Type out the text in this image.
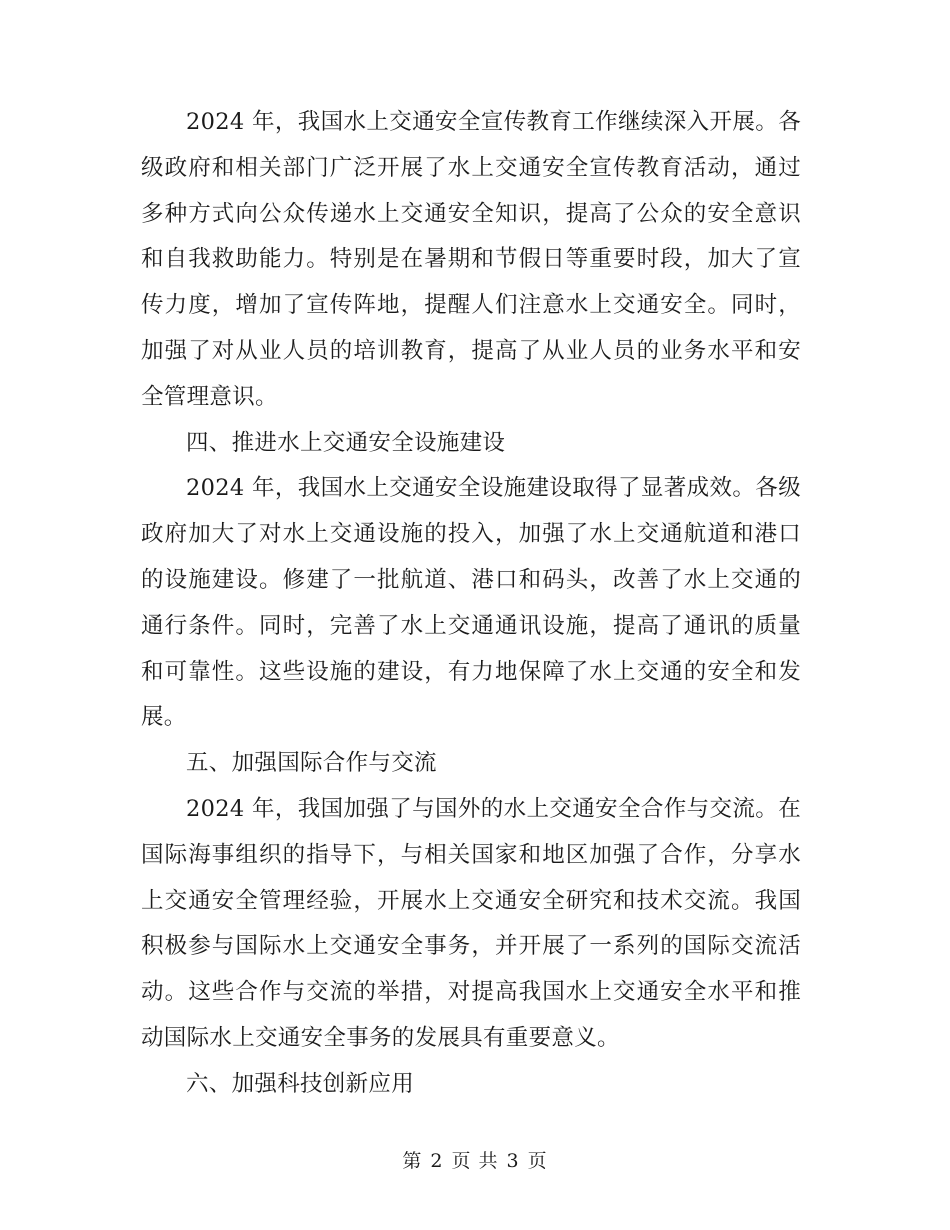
2024 年，我国水上交通安全宣传教育工作继续深入开展。各级政府和相关部门广泛开展了水上交通安全宣传教育活动，通过多种方式向公众传递水上交通安全知识，提高了公众的安全意识和自我救助能力。特别是在暑期和节假日等重要时段，加大了宣传力度，增加了宣传阵地，提醒人们注意水上交通安全。同时，加强了对从业人员的培训教育，提高了从业人员的业务水平和安全管理意识。

四、推进水上交通安全设施建设

2024 年，我国水上交通安全设施建设取得了显著成效。各级政府加大了对水上交通设施的投入，加强了水上交通航道和港口的设施建设。修建了一批航道、港口和码头，改善了水上交通的通行条件。同时，完善了水上交通通讯设施，提高了通讯的质量和可靠性。这些设施的建设，有力地保障了水上交通的安全和发展。

五、加强国际合作与交流

2024 年，我国加强了与国外的水上交通安全合作与交流。在国际海事组织的指导下，与相关国家和地区加强了合作，分享水上交通安全管理经验，开展水上交通安全研究和技术交流。我国积极参与国际水上交通安全事务，并开展了一系列的国际交流活动。这些合作与交流的举措，对提高我国水上交通安全水平和推动国际水上交通安全事务的发展具有重要意义。

六、加强科技创新应用

第 2 页 共 3 页
